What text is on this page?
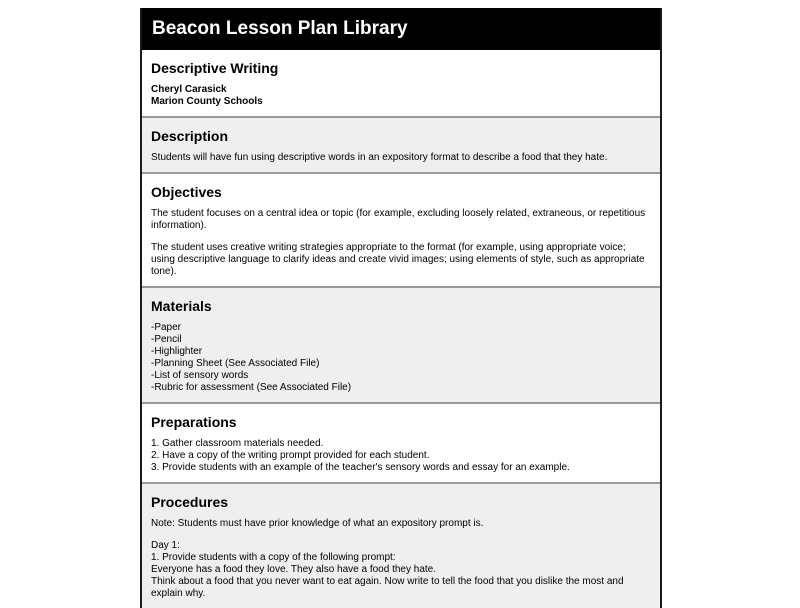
Beacon Lesson Plan Library
Descriptive Writing
Cheryl Carasick
Marion County Schools
Description
Students will have fun using descriptive words in an expository format to describe a food that they hate.
Objectives
The student focuses on a central idea or topic (for example, excluding loosely related, extraneous, or repetitious information).
The student uses creative writing strategies appropriate to the format (for example, using appropriate voice; using descriptive language to clarify ideas and create vivid images; using elements of style, such as appropriate tone).
Materials
-Paper
-Pencil
-Highlighter
-Planning Sheet (See Associated File)
-List of sensory words
-Rubric for assessment (See Associated File)
Preparations
1. Gather classroom materials needed.
2. Have a copy of the writing prompt provided for each student.
3. Provide students with an example of the teacher's sensory words and essay for an example.
Procedures
Note: Students must have prior knowledge of what an expository prompt is.
Day 1:
1. Provide students with a copy of the following prompt:
Everyone has a food they love. They also have a food they hate.
Think about a food that you never want to eat again. Now write to tell the food that you dislike the most and explain why.
